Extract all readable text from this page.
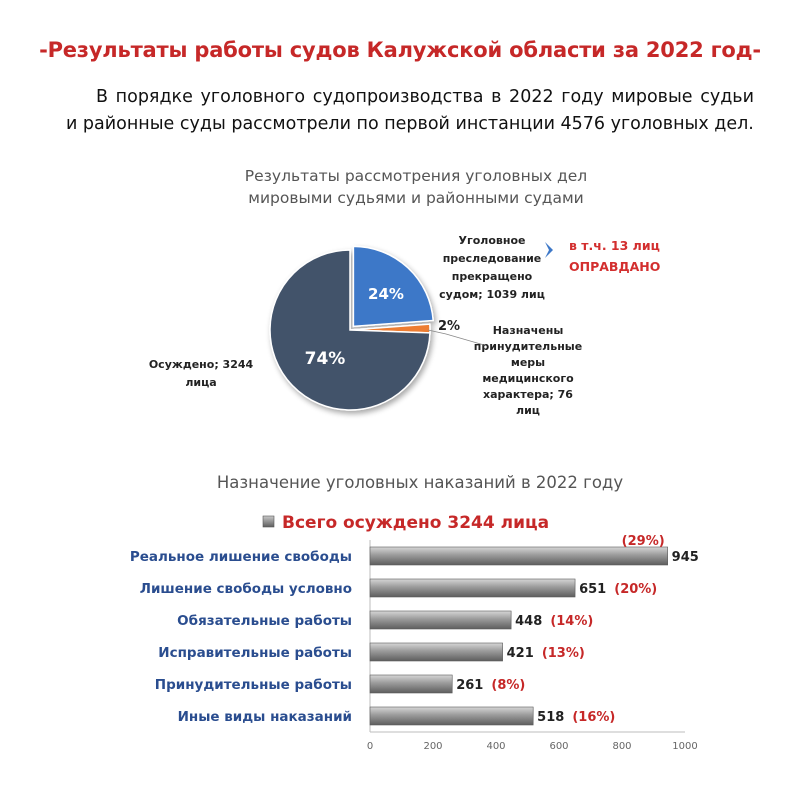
-Результаты работы судов Калужской области за 2022 год-
В порядке уголовного судопроизводства в 2022 году мировые судьи и районные суды рассмотрели по первой инстанции 4576 уголовных дел.
Результаты рассмотрения уголовных дел
мировыми судьями и районными судами
24%
2%
74%
Уголовное преследование прекращено судом; 1039 лиц
Назначены принудительные меры медицинского характера; 76 лиц
Осуждено; 3244 лица
в т.ч. 13 лиц ОПРАВДАНО
Назначение уголовных наказаний в 2022 году
Всего осуждено 3244 лица
0	200	400	600	800	1000
Реальное лишение свободы	945
(29%)
Лишение свободы условно	651 (20%)
Обязательные работы	448 (14%)
Исправительные работы	421 (13%)
Принудительные работы	261 (8%)
Иные виды наказаний	518 (16%)
